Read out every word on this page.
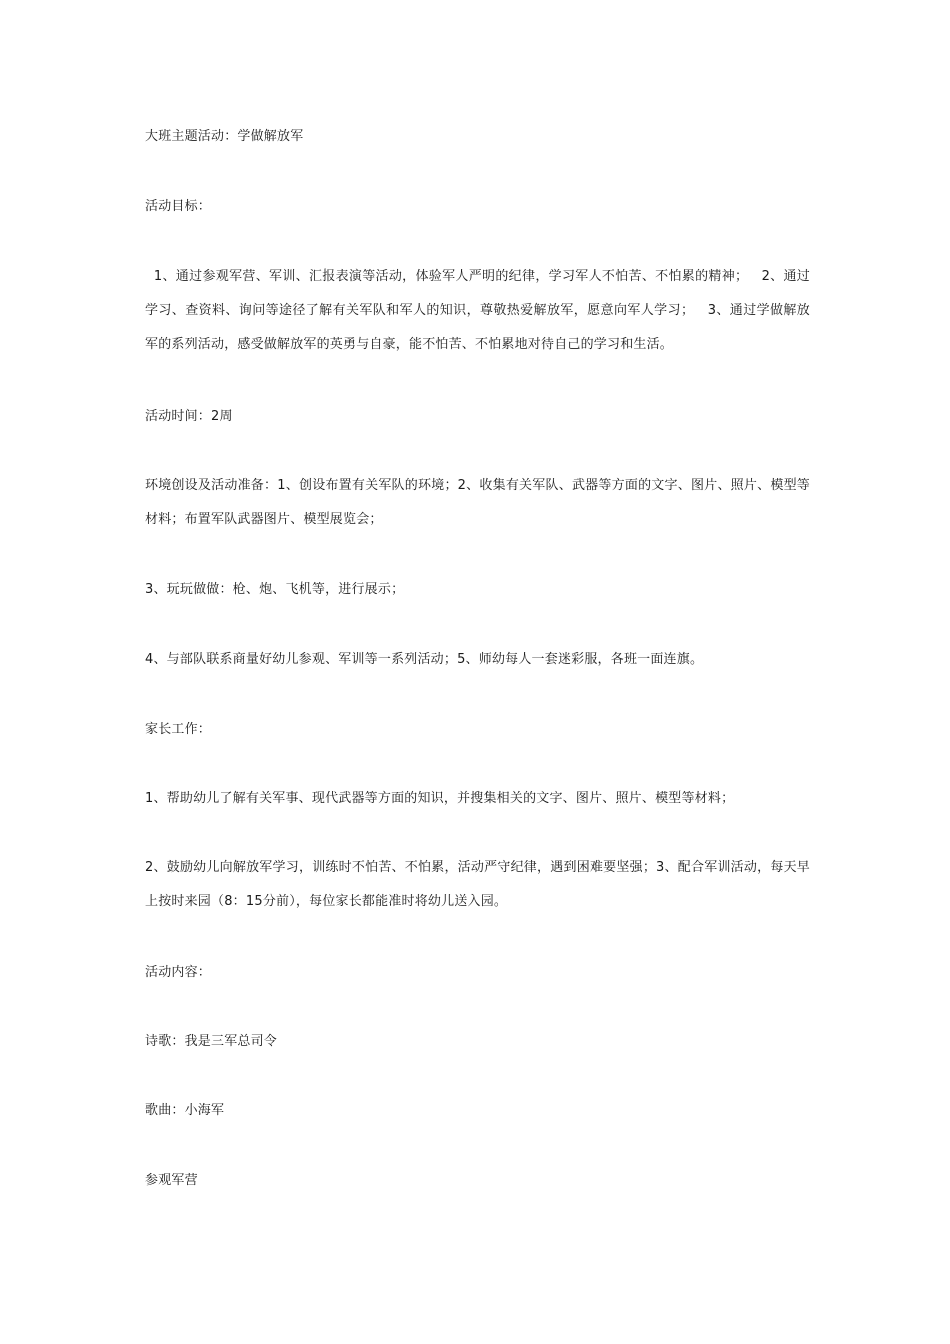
大班主题活动：学做解放军

活动目标：

1、通过参观军营、军训、汇报表演等活动，体验军人严明的纪律，学习军人不怕苦、不怕累的精神；   2、通过学习、查资料、询问等途径了解有关军队和军人的知识，尊敬热爱解放军，愿意向军人学习；   3、通过学做解放军的系列活动，感受做解放军的英勇与自豪，能不怕苦、不怕累地对待自己的学习和生活。

活动时间：2周

环境创设及活动准备：1、创设布置有关军队的环境；2、收集有关军队、武器等方面的文字、图片、照片、模型等材料；布置军队武器图片、模型展览会；

3、玩玩做做：枪、炮、飞机等，进行展示；

4、与部队联系商量好幼儿参观、军训等一系列活动；5、师幼每人一套迷彩服，各班一面连旗。

家长工作：

1、帮助幼儿了解有关军事、现代武器等方面的知识，并搜集相关的文字、图片、照片、模型等材料；

2、鼓励幼儿向解放军学习，训练时不怕苦、不怕累，活动严守纪律，遇到困难要坚强；3、配合军训活动，每天早上按时来园（8：15分前），每位家长都能准时将幼儿送入园。

活动内容：

诗歌：我是三军总司令

歌曲：小海军

参观军营
